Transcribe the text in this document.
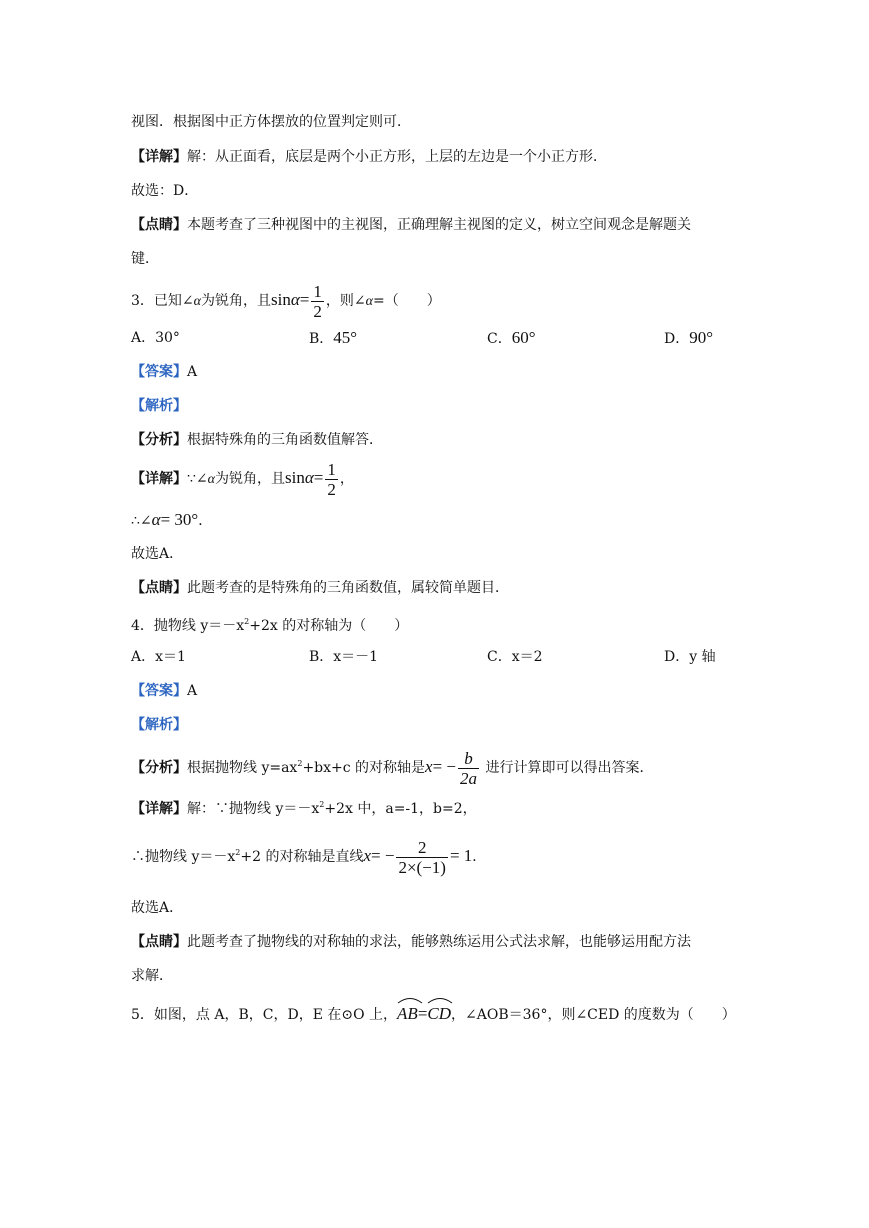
视图．根据图中正方体摆放的位置判定则可．
【详解】解：从正面看，底层是两个小正方形，上层的左边是一个小正方形．
故选：D．
【点睛】本题考查了三种视图中的主视图，正确理解主视图的定义，树立空间观念是解题关
键．
3．已知∠α为锐角，且$\sin\alpha= \frac{1}{2}$ ，则∠α=（　　）
A．30°	B．45°	C．60°	D．90°
【答案】A
【解析】
【分析】根据特殊角的三角函数值解答．
【详解】∵∠α为锐角，且$\sin\alpha= \frac{1}{2}$ ，
∴∠α= 30°．
故选A．
【点睛】此题考查的是特殊角的三角函数值，属较简单题目．
4．抛物线 $y=-x^2+2x$ 的对称轴为（　　）
A．x＝1	B．x＝－1	C．x＝2	D．y 轴
【答案】A
【解析】
【分析】根据抛物线 $y=ax^2+bx+c$ 的对称轴是$x= - \frac{b}{2a}$ 进行计算即可以得出答案．
【详解】解：∵抛物线 $y=-x^2+2x$ 中，a=-1，b=2，
∴抛物线 $y=-x^2+2$ 的对称轴是直线$x= - \frac{2}{2\times(-1)} = 1$．
故选A．
【点睛】此题考查了抛物线的对称轴的求法，能够熟练运用公式法求解，也能够运用配方法
求解．
5．如图，点 A，B，C，D，E 在⊙O 上，
AB=
CD，∠AOB＝36°，则∠CED 的度数为（　　）
